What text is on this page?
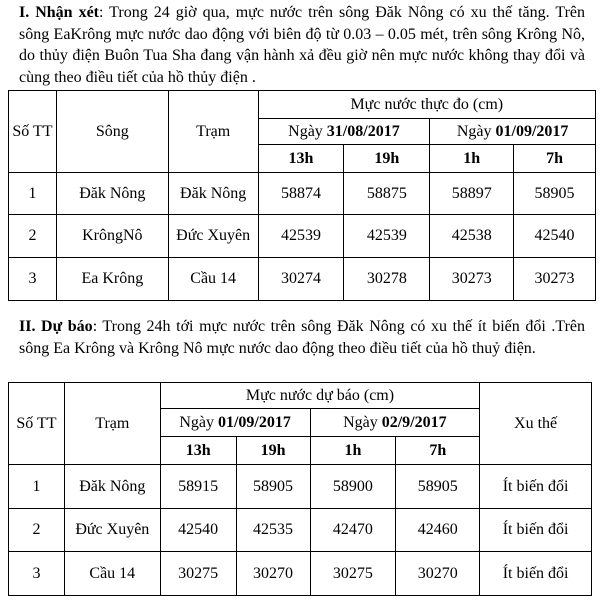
I. Nhận xét: Trong 24 giờ qua, mực nước trên sông Đăk Nông có xu thế tăng. Trên sông EaKrông mực nước dao động với biên độ từ 0.03 – 0.05 mét, trên sông Krông Nô, do thủy điện Buôn Tua Sha đang vận hành xả đều giờ nên mực nước không thay đổi và cùng theo điều tiết của hồ thủy điện .

Số TT	Sông	Trạm	Mực nước thực đo (cm)			
			Ngày 31/08/2017		Ngày 01/09/2017	
			13h	19h	1h	7h
1	Đăk Nông	Đăk Nông	58874	58875	58897	58905
2	KrôngNô	Đức Xuyên	42539	42539	42538	42540
3	Ea Krông	Cầu 14	30274	30278	30273	30273

II. Dự báo: Trong 24h tới mực nước trên sông Đăk Nông có xu thế ít biến đổi .Trên sông Ea Krông và Krông Nô mực nước dao động theo điều tiết của hồ thuỷ điện.

Số TT	Trạm	Mực nước dự báo (cm)				Xu thế
		Ngày 01/09/2017		Ngày 02/9/2017		
		13h	19h	1h	7h	
1	Đăk Nông	58915	58905	58900	58905	Ít biến đổi
2	Đức Xuyên	42540	42535	42470	42460	Ít biến đổi
3	Cầu 14	30275	30270	30275	30270	Ít biến đổi
